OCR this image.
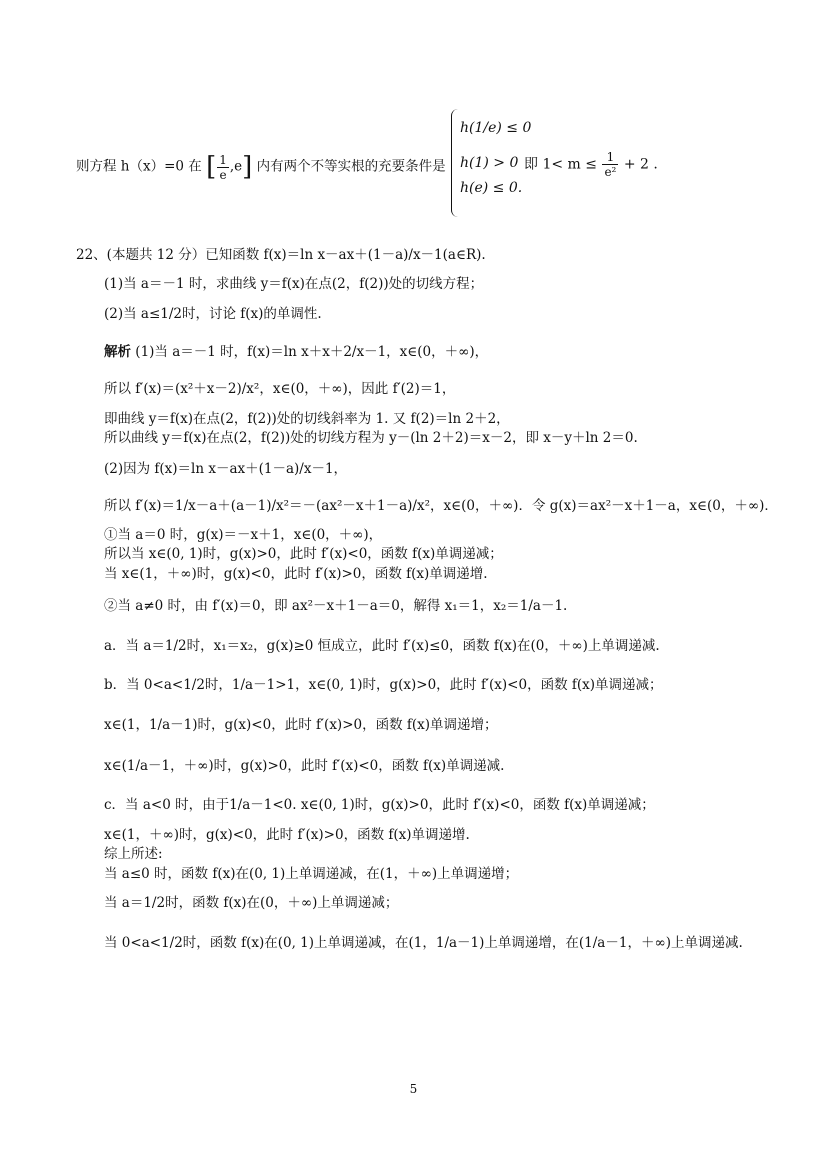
则方程 h（x）=0 在 [ $\frac{1}{e} ,e$] 内有两个不等实根的充要条件是
h(1/e) ≤ 0
h(1) > 0
h(e) ≤ 0.
即 $1< m \le \frac{1}{\text{e²}} + 2$ .
22、(本题共 12 分）已知函数 f(x)＝ln x－ax＋(1－a)/x－1(a∈R).
(1)当 a＝－1 时，求曲线 y＝f(x)在点(2，f(2))处的切线方程；
(2)当 a≤1/2时，讨论 f(x)的单调性.
解析 (1)当 a＝－1 时，f(x)＝ln x＋x＋2/x－1，x∈(0，＋∞)，
所以 f′(x)＝(x²＋x－2)/x²，x∈(0，＋∞)，因此 f′(2)＝1，
即曲线 y＝f(x)在点(2，f(2))处的切线斜率为 1. 又 f(2)＝ln 2＋2，
所以曲线 y＝f(x)在点(2，f(2))处的切线方程为 y－(ln 2＋2)＝x－2，即 x－y＋ln 2＝0.
(2)因为 f(x)＝ln x－ax＋(1－a)/x－1，
所以 f′(x)＝1/x－a＋(a－1)/x²＝－(ax²－x＋1－a)/x²，x∈(0，＋∞)．令 g(x)＝ax²－x＋1－a，x∈(0，＋∞)．
①当 a＝0 时，g(x)＝－x＋1，x∈(0，＋∞)，
所以当 x∈(0, 1)时，g(x)>0，此时 f′(x)<0，函数 f(x)单调递减；
当 x∈(1，＋∞)时，g(x)<0，此时 f′(x)>0，函数 f(x)单调递增.
②当 a≠0 时，由 f′(x)＝0，即 ax²－x＋1－a＝0，解得 x₁＝1，x₂＝1/a－1.
a．当 a＝1/2时，x₁＝x₂，g(x)≥0 恒成立，此时 f′(x)≤0，函数 f(x)在(0，＋∞)上单调递减.
b．当 0<a<1/2时，1/a－1>1，x∈(0, 1)时，g(x)>0，此时 f′(x)<0，函数 f(x)单调递减；
x∈(1，1/a－1)时，g(x)<0，此时 f′(x)>0，函数 f(x)单调递增；
x∈(1/a－1，＋∞)时，g(x)>0，此时 f′(x)<0，函数 f(x)单调递减.
c．当 a<0 时，由于1/a－1<0. x∈(0, 1)时，g(x)>0，此时 f′(x)<0，函数 f(x)单调递减；
x∈(1，＋∞)时，g(x)<0，此时 f′(x)>0，函数 f(x)单调递增.
综上所述:
当 a≤0 时，函数 f(x)在(0, 1)上单调递减，在(1，＋∞)上单调递增；
当 a＝1/2时，函数 f(x)在(0，＋∞)上单调递减；
当 0<a<1/2时，函数 f(x)在(0, 1)上单调递减，在(1，1/a－1)上单调递增，在(1/a－1，＋∞)上单调递减.
5
